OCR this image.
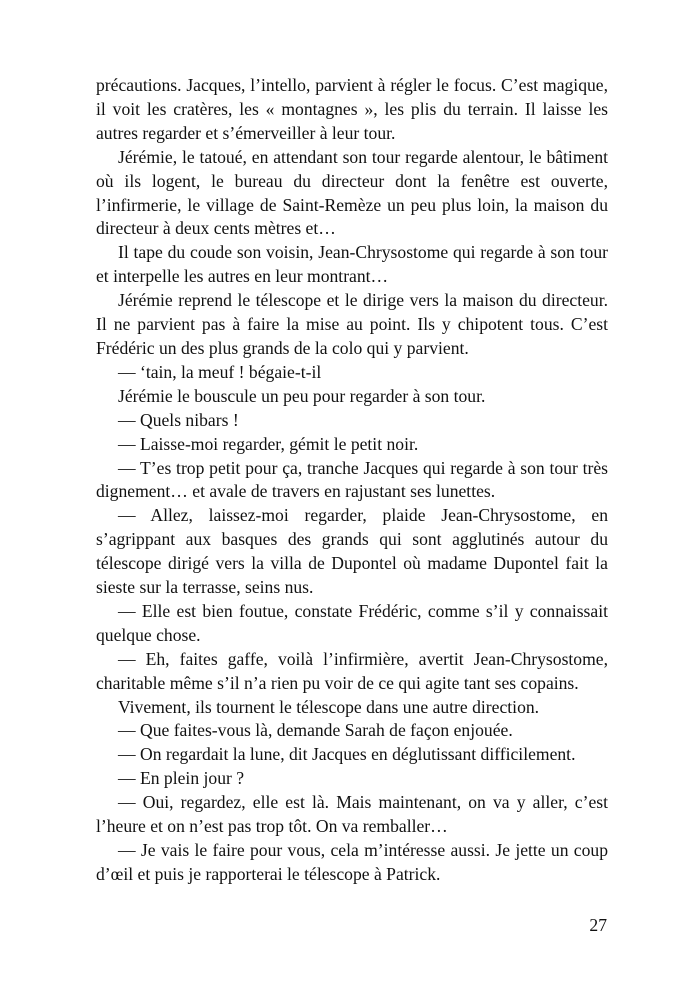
précautions. Jacques, l’intello, parvient à régler le focus. C’est magique, il voit les cratères, les « montagnes », les plis du terrain. Il laisse les autres regarder et s’émerveiller à leur tour.

Jérémie, le tatoué, en attendant son tour regarde alentour, le bâtiment où ils logent, le bureau du directeur dont la fenêtre est ouverte, l’infirmerie, le village de Saint-Remèze un peu plus loin, la maison du directeur à deux cents mètres et…

Il tape du coude son voisin, Jean-Chrysostome qui regarde à son tour et interpelle les autres en leur montrant…

Jérémie reprend le télescope et le dirige vers la maison du directeur. Il ne parvient pas à faire la mise au point. Ils y chipotent tous. C’est Frédéric un des plus grands de la colo qui y parvient.

— ‘tain, la meuf ! bégaie-t-il

Jérémie le bouscule un peu pour regarder à son tour.

— Quels nibars !

— Laisse-moi regarder, gémit le petit noir.

— T’es trop petit pour ça, tranche Jacques qui regarde à son tour très dignement… et avale de travers en rajustant ses lunettes.

— Allez, laissez-moi regarder, plaide Jean-Chrysostome, en s’agrippant aux basques des grands qui sont agglutinés autour du télescope dirigé vers la villa de Dupontel où madame Dupontel fait la sieste sur la terrasse, seins nus.

— Elle est bien foutue, constate Frédéric, comme s’il y connaissait quelque chose.

— Eh, faites gaffe, voilà l’infirmière, avertit Jean-Chrysostome, charitable même s’il n’a rien pu voir de ce qui agite tant ses copains.

Vivement, ils tournent le télescope dans une autre direction.

— Que faites-vous là, demande Sarah de façon enjouée.

— On regardait la lune, dit Jacques en déglutissant difficilement.

— En plein jour ?

— Oui, regardez, elle est là. Mais maintenant, on va y aller, c’est l’heure et on n’est pas trop tôt. On va remballer…

— Je vais le faire pour vous, cela m’intéresse aussi. Je jette un coup d’œil et puis je rapporterai le télescope à Patrick.

27
